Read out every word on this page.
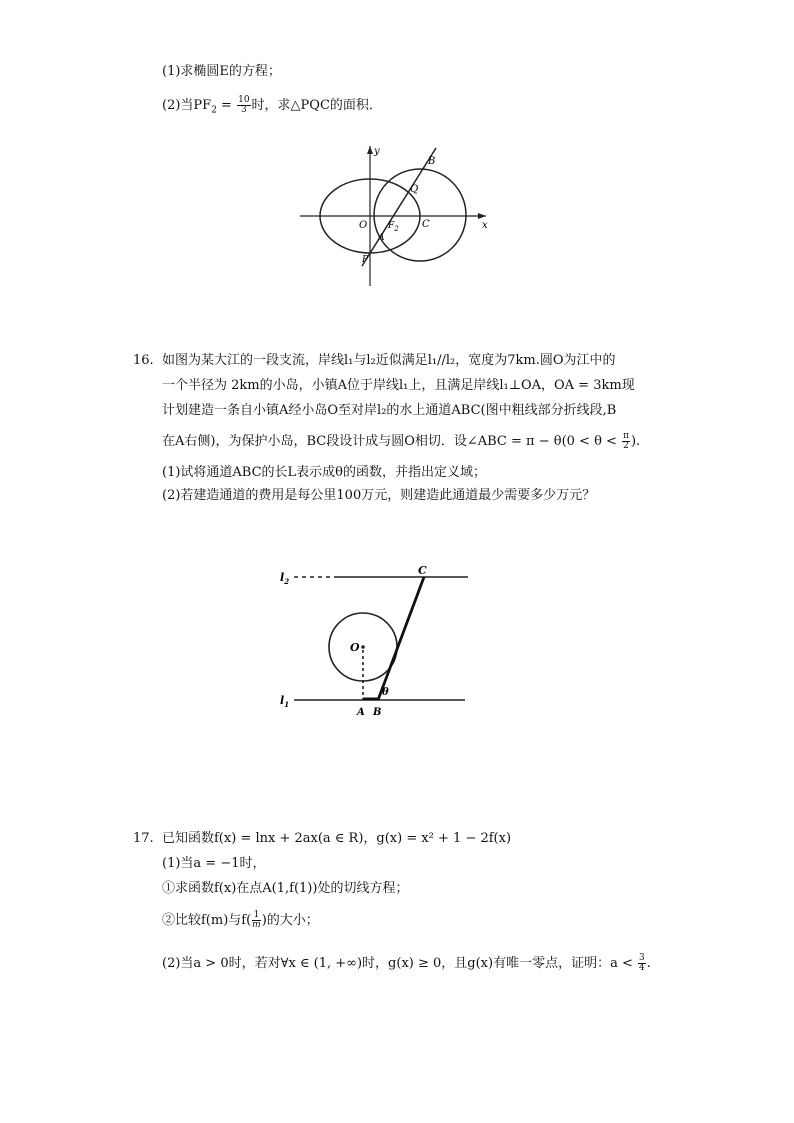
(1)求椭圆E的方程；
(2)当$PF_2 = \frac{10}{3}$ 时，求△PQC的面积．
y
x
B
Q
O $F_2$ C
A
P
16. 如图为某大江的一段支流，岸线l₁与l₂近似满足l₁//l₂，宽度为7km.圆O为江中的
一个半径为 2km的小岛，小镇A位于岸线l₁上，且满足岸线l₁⊥OA，OA = 3km现
计划建造一条自小镇A经小岛O至对岸l₂的水上通道ABC(图中粗线部分折线段,B
在A右侧)，为保护小岛，BC段设计成与圆O相切．设∠ABC = $\pi - \theta(0 < \theta < \frac{\pi}{2}$ ).
(1)试将通道ABC的长L表示成θ的函数，并指出定义域；
(2)若建造通道的费用是每公里100万元，则建造此通道最少需要多少万元？
$l_2$
$l_1$
C
O
θ
A B
17. 已知函数f(x) = lnx + 2ax(a ∈ R)，g(x) = x² + 1 − 2f(x)
(1)当a = −1时，
①求函数f(x)在点A(1,f(1))处的切线方程；
②比较f(m)与$f( \frac{1}{m}$ )的大小；
(2)当a > 0时，若对∀x ∈ (1, +∞)时，g(x) ≥ 0，且g(x)有唯一零点，证明：$a < \frac{3}{4}$ .
